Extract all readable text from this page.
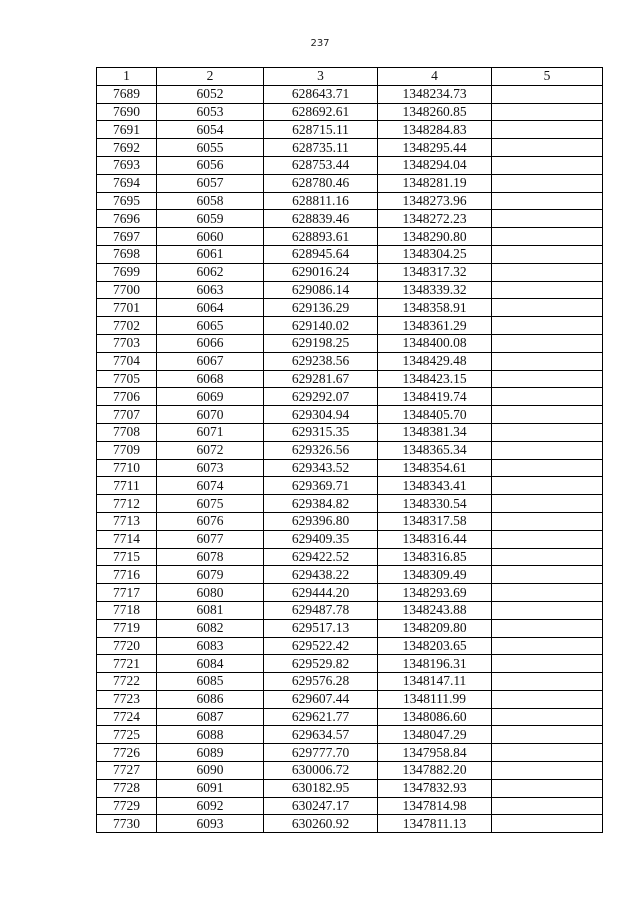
237
1	2	3	4	5
7689	6052	628643.71	1348234.73	
7690	6053	628692.61	1348260.85	
7691	6054	628715.11	1348284.83	
7692	6055	628735.11	1348295.44	
7693	6056	628753.44	1348294.04	
7694	6057	628780.46	1348281.19	
7695	6058	628811.16	1348273.96	
7696	6059	628839.46	1348272.23	
7697	6060	628893.61	1348290.80	
7698	6061	628945.64	1348304.25	
7699	6062	629016.24	1348317.32	
7700	6063	629086.14	1348339.32	
7701	6064	629136.29	1348358.91	
7702	6065	629140.02	1348361.29	
7703	6066	629198.25	1348400.08	
7704	6067	629238.56	1348429.48	
7705	6068	629281.67	1348423.15	
7706	6069	629292.07	1348419.74	
7707	6070	629304.94	1348405.70	
7708	6071	629315.35	1348381.34	
7709	6072	629326.56	1348365.34	
7710	6073	629343.52	1348354.61	
7711	6074	629369.71	1348343.41	
7712	6075	629384.82	1348330.54	
7713	6076	629396.80	1348317.58	
7714	6077	629409.35	1348316.44	
7715	6078	629422.52	1348316.85	
7716	6079	629438.22	1348309.49	
7717	6080	629444.20	1348293.69	
7718	6081	629487.78	1348243.88	
7719	6082	629517.13	1348209.80	
7720	6083	629522.42	1348203.65	
7721	6084	629529.82	1348196.31	
7722	6085	629576.28	1348147.11	
7723	6086	629607.44	1348111.99	
7724	6087	629621.77	1348086.60	
7725	6088	629634.57	1348047.29	
7726	6089	629777.70	1347958.84	
7727	6090	630006.72	1347882.20	
7728	6091	630182.95	1347832.93	
7729	6092	630247.17	1347814.98	
7730	6093	630260.92	1347811.13	
